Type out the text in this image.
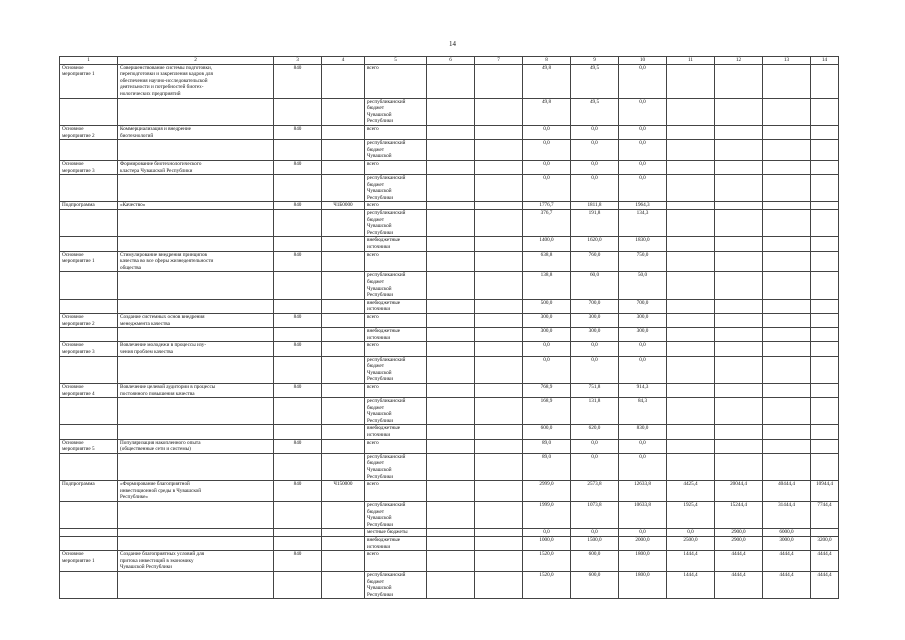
14
1	2	3	4	5	6	7	8	9	10	11	12	13	14
Основное
мероприятие 1	Совершенствование системы подготовки,
переподготовки и закрепления кадров для
обеспечения научно-исследовательской
деятельности и потребностей биотех-
нологических предприятий	840		всего			49,8	49,5	0,0				
				республиканский
бюджет
Чувашской
Республики			49,8	49,5	0,0				
Основное
мероприятие 2	Коммерциализация и внедрение
биотехнологий	840		всего			0,0	0,0	0,0				
				республиканский
бюджет
Чувашской			0,0	0,0	0,0				
Основное
мероприятие 3	Формирование биотехнологического
кластера Чувашской Республики	840		всего			0,0	0,0	0,0				
				республиканский
бюджет
Чувашской
Республики			0,0	0,0	0,0				
Подпрограмма	«Качество»	840	Ч1Б0000	всего			1776,7	1811,8	1964,3				
				республиканский
бюджет
Чувашской
Республики			376,7	191,8	134,3				
				внебюджетные
источники			1400,0	1620,0	1830,0				
Основное
мероприятие 1	Стимулирование внедрения принципов
качества во все сферы жизнедеятельности
общества	840		всего			638,8	760,0	750,0				
				республиканский
бюджет
Чувашской
Республики			138,8	60,0	50,0				
				внебюджетные
источники			500,0	700,0	700,0				
Основное
мероприятие 2	Создание системных основ внедрения
менеджмента качества	840		всего			300,0	300,0	300,0				
				внебюджетные
источники			300,0	300,0	300,0				
Основное
мероприятие 3	Вовлечение молодежи в процессы изу-
чения проблем качества	840		всего			0,0	0,0	0,0				
				республиканский
бюджет
Чувашской
Республики			0,0	0,0	0,0				
Основное
мероприятие 4	Вовлечение целевой аудитории в процессы
постоянного повышения качества	840		всего			768,9	751,8	914,3				
				республиканский
бюджет
Чувашской
Республики			168,9	131,8	84,3				
				внебюджетные
источники			600,0	620,0	830,0				
Основное
мероприятие 5	Популяризация накопленного опыта
(общественные сети и системы)	840		всего			89,0	0,0	0,0				
				республиканский
бюджет
Чувашской
Республики			89,0	0,0	0,0				
Подпрограмма	«Формирование благоприятной
инвестиционной среды в Чувашской
Республике»	840	Ч150000	всего			2999,0	2573,8	12633,8	4425,4	20044,4	40444,4	10944,4
				республиканский
бюджет
Чувашской
Республики			1999,0	1073,8	10633,8	1925,4	15244,4	31444,4	7744,4
				местные бюджеты			0,0	0,0	0,0	0,0	2900,0	6000,0	
				внебюджетные
источники			1000,0	1500,0	2000,0	2500,0	2900,0	3000,0	3200,0
Основное
мероприятие 1	Создание благоприятных условий для
притока инвестиций в экономику
Чувашской Республики	840		всего			1520,0	600,0	1800,0	1444,4	4444,4	4444,4	4444,4
				республиканский
бюджет
Чувашской
Республики			1520,0	600,0	1800,0	1444,4	4444,4	4444,4	4444,4
